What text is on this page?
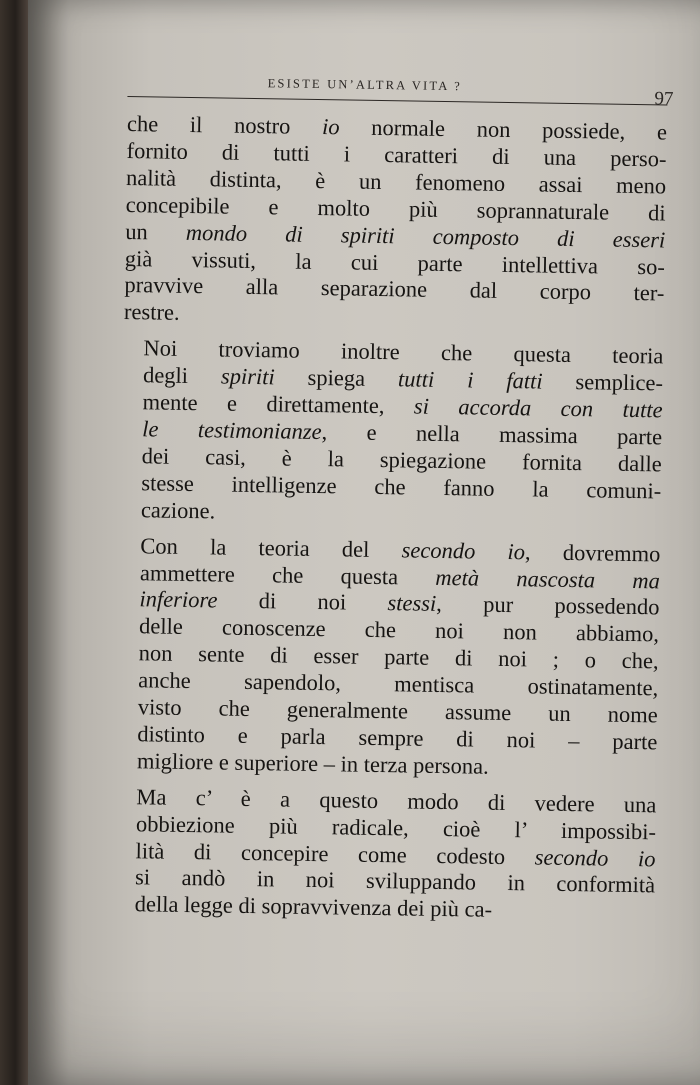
ESISTE UN’ALTRA VITA ?
97

che il nostro io normale non possiede, e
fornito di tutti i caratteri di una perso-
nalità distinta, è un fenomeno assai meno
concepibile e molto più soprannaturale di
un mondo di spiriti composto di esseri
già vissuti, la cui parte intellettiva so-
pravvive alla separazione dal corpo ter-
restre.

Noi troviamo inoltre che questa teoria
degli spiriti spiega tutti i fatti semplice-
mente e direttamente, si accorda con tutte
le testimonianze, e nella massima parte
dei casi, è la spiegazione fornita dalle
stesse intelligenze che fanno la comuni-
cazione.

Con la teoria del secondo io, dovremmo
ammettere che questa metà nascosta ma
inferiore di noi stessi, pur possedendo
delle conoscenze che noi non abbiamo,
non sente di esser parte di noi ; o che,
anche sapendolo, mentisca ostinatamente,
visto che generalmente assume un nome
distinto e parla sempre di noi – parte
migliore e superiore – in terza persona.

Ma c’ è a questo modo di vedere una
obbiezione più radicale, cioè l’ impossibi-
lità di concepire come codesto secondo io
si andò in noi sviluppando in conformità
della legge di sopravvivenza dei più ca-
